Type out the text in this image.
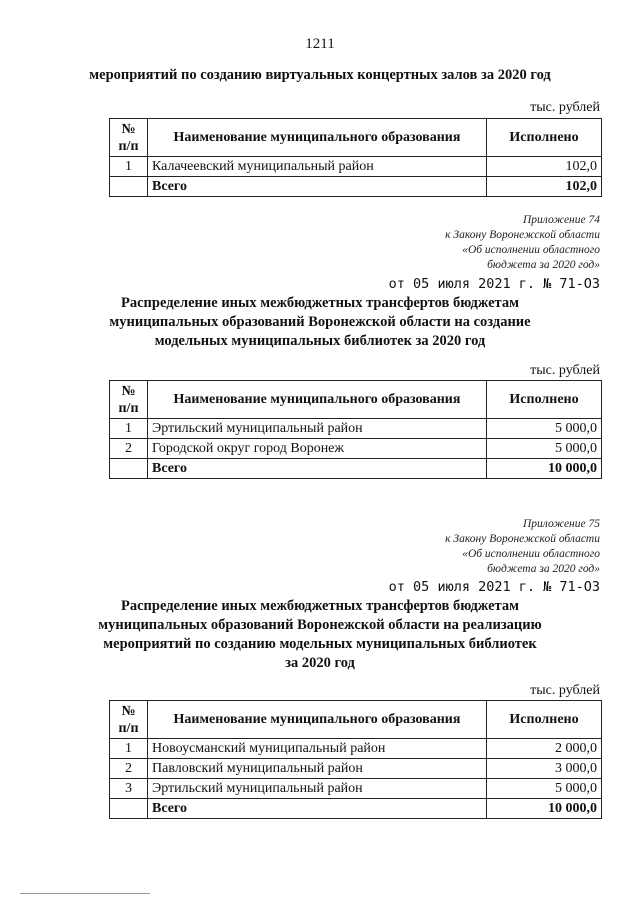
1211
мероприятий по созданию виртуальных концертных залов за 2020 год
тыс. рублей
№ п/п	Наименование муниципального образования	Исполнено
1	Калачеевский муниципальный район	102,0
	Всего	102,0
Приложение 74
к Закону Воронежской области
«Об исполнении областного
бюджета за 2020 год»
от 05 июля 2021 г. № 71-ОЗ
Распределение иных межбюджетных трансфертов бюджетам
муниципальных образований Воронежской области на создание
модельных муниципальных библиотек за 2020 год
тыс. рублей
№ п/п	Наименование муниципального образования	Исполнено
1	Эртильский муниципальный район	5 000,0
2	Городской округ город Воронеж	5 000,0
	Всего	10 000,0
Приложение 75
к Закону Воронежской области
«Об исполнении областного
бюджета за 2020 год»
от 05 июля 2021 г. № 71-ОЗ
Распределение иных межбюджетных трансфертов бюджетам
муниципальных образований Воронежской области на реализацию
мероприятий по созданию модельных муниципальных библиотек
за 2020 год
тыс. рублей
№ п/п	Наименование муниципального образования	Исполнено
1	Новоусманский муниципальный район	2 000,0
2	Павловский муниципальный район	3 000,0
3	Эртильский муниципальный район	5 000,0
	Всего	10 000,0
